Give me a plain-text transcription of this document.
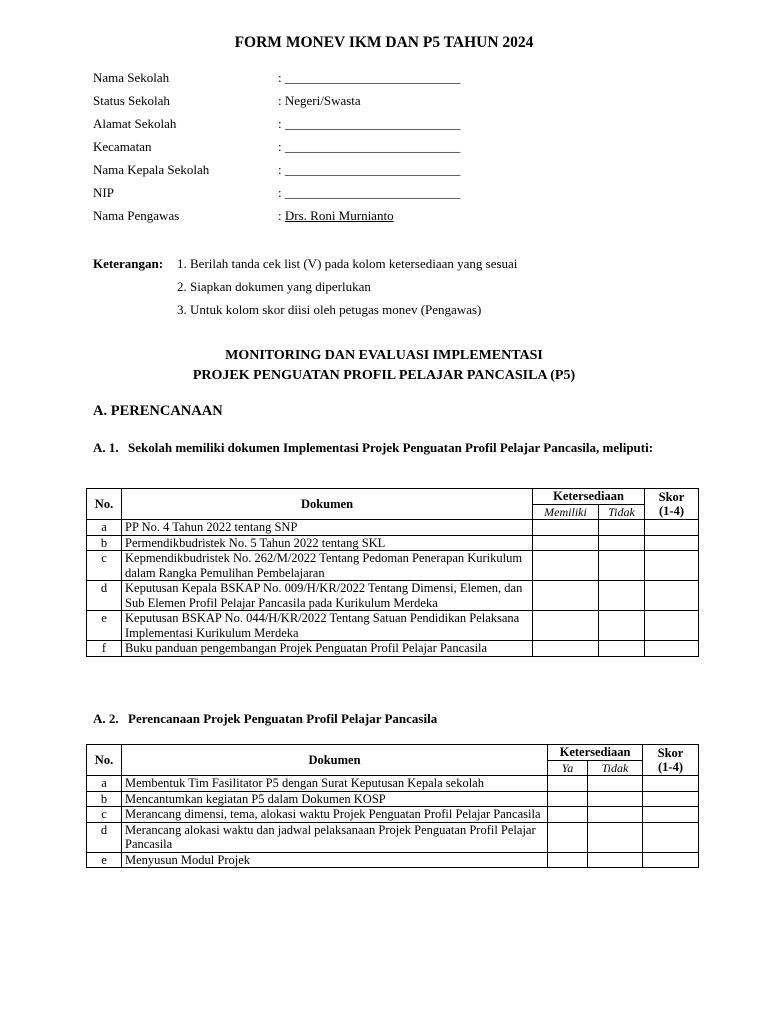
FORM MONEV IKM DAN P5 TAHUN 2024
Nama Sekolah	: ___________________________
Status Sekolah	: Negeri/Swasta
Alamat Sekolah	: ___________________________
Kecamatan	: ___________________________
Nama Kepala Sekolah	: ___________________________
NIP	: ___________________________
Nama Pengawas	: Drs. Roni Murnianto
Keterangan: 1. Berilah tanda cek list (V) pada kolom ketersediaan yang sesuai
2. Siapkan dokumen yang diperlukan
3. Untuk kolom skor diisi oleh petugas monev (Pengawas)
MONITORING DAN EVALUASI IMPLEMENTASI
PROJEK PENGUATAN PROFIL PELAJAR PANCASILA (P5)
A. PERENCANAAN
A. 1. Sekolah memiliki dokumen Implementasi Projek Penguatan Profil Pelajar Pancasila, meliputi:
No.	Dokumen	Ketersediaan		Skor
(1-4)
		Memiliki	Tidak	
a	PP No. 4 Tahun 2022 tentang SNP			
b	Permendikbudristek No. 5 Tahun 2022 tentang SKL			
c	Kepmendikbudristek No. 262/M/2022 Tentang Pedoman Penerapan Kurikulum dalam Rangka Pemulihan Pembelajaran			
d	Keputusan Kepala BSKAP No. 009/H/KR/2022 Tentang Dimensi, Elemen, dan Sub Elemen Profil Pelajar Pancasila pada Kurikulum Merdeka			
e	Keputusan BSKAP No. 044/H/KR/2022 Tentang Satuan Pendidikan Pelaksana Implementasi Kurikulum Merdeka			
f	Buku panduan pengembangan Projek Penguatan Profil Pelajar Pancasila			
A. 2. Perencanaan Projek Penguatan Profil Pelajar Pancasila
No.	Dokumen	Ketersediaan		Skor
(1-4)
		Ya	Tidak	
a	Membentuk Tim Fasilitator P5 dengan Surat Keputusan Kepala sekolah			
b	Mencantumkan kegiatan P5 dalam Dokumen KOSP			
c	Merancang dimensi, tema, alokasi waktu Projek Penguatan Profil Pelajar Pancasila			
d	Merancang alokasi waktu dan jadwal pelaksanaan Projek Penguatan Profil Pelajar Pancasila			
e	Menyusun Modul Projek			
